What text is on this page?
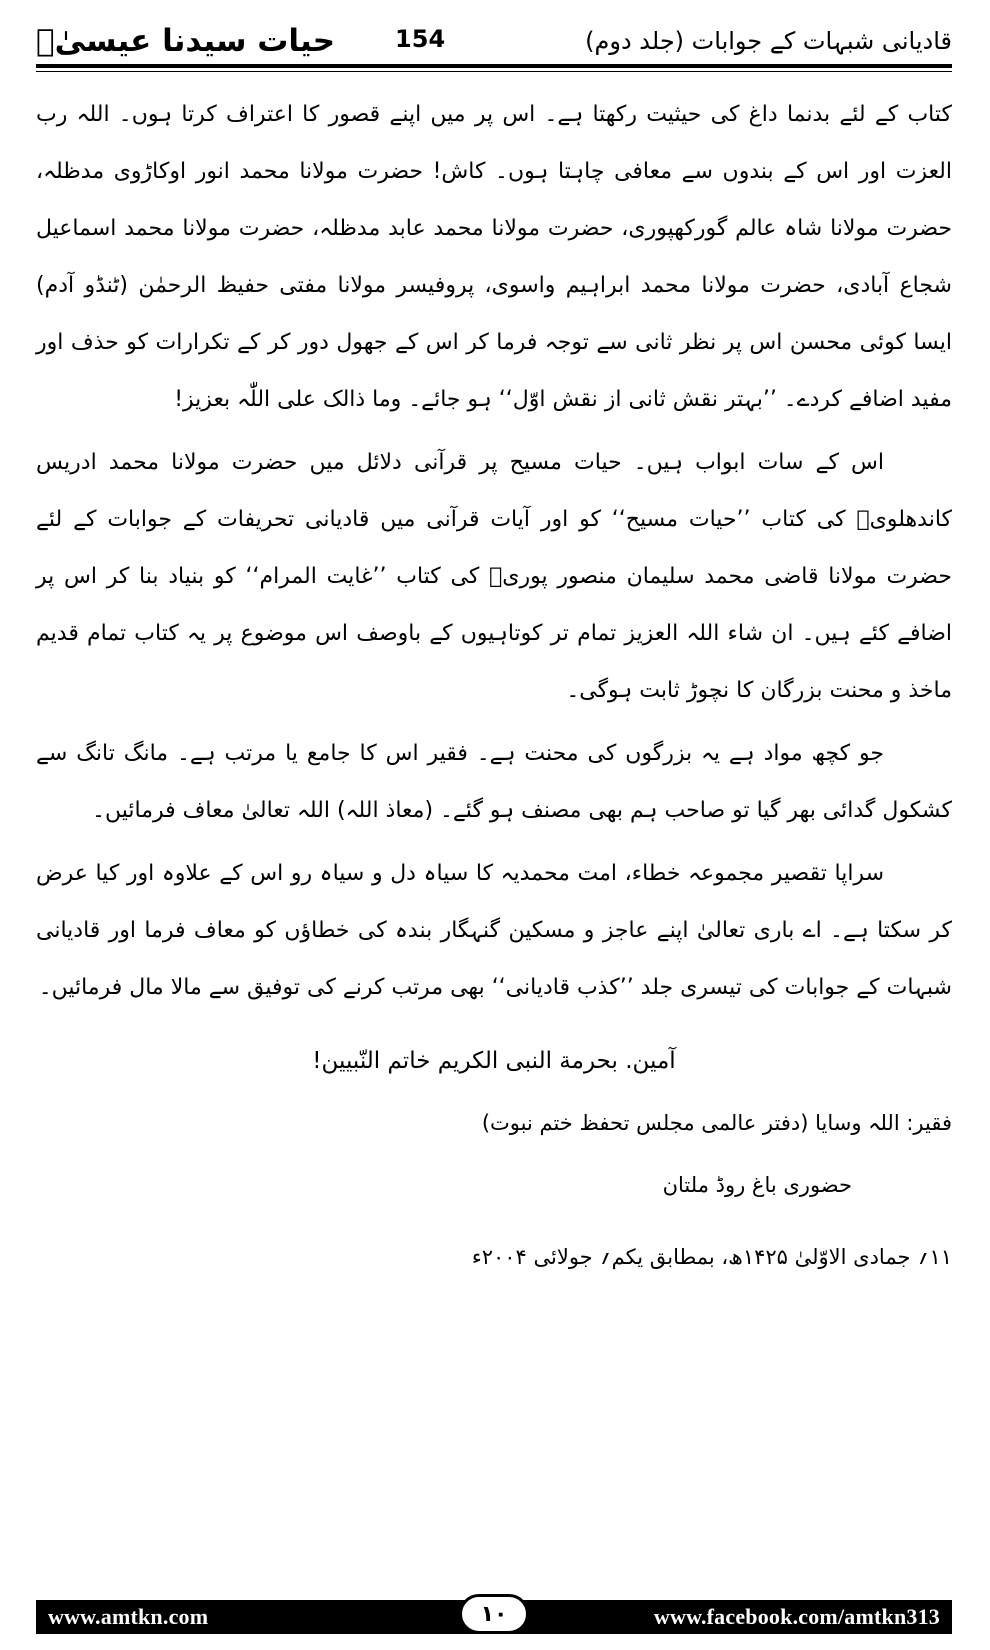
حیات سیدنا عیسیٰؑ	154	قادیانی شبہات کے جوابات (جلد دوم)

کتاب کے لئے بدنما داغ کی حیثیت رکھتا ہے۔ اس پر میں اپنے قصور کا اعتراف کرتا ہوں۔ اللہ رب العزت اور اس کے بندوں سے معافی چاہتا ہوں۔ کاش! حضرت مولانا محمد انور اوکاڑوی مدظلہ، حضرت مولانا شاہ عالم گورکھپوری، حضرت مولانا محمد عابد مدظلہ، حضرت مولانا محمد اسماعیل شجاع آبادی، حضرت مولانا محمد ابراہیم واسوی، پروفیسر مولانا مفتی حفیظ الرحمٰن (ٹنڈو آدم) ایسا کوئی محسن اس پر نظر ثانی سے توجہ فرما کر اس کے جھول دور کر کے تکرارات کو حذف اور مفید اضافے کردے۔ ’’بہتر نقش ثانی از نقش اوّل‘‘ ہو جائے۔ وما ذالک علی اللّٰہ بعزیز!

اس کے سات ابواب ہیں۔ حیات مسیح پر قرآنی دلائل میں حضرت مولانا محمد ادریس کاندھلویؒ کی کتاب ’’حیات مسیح‘‘ کو اور آیات قرآنی میں قادیانی تحریفات کے جوابات کے لئے حضرت مولانا قاضی محمد سلیمان منصور پوریؒ کی کتاب ’’غایت المرام‘‘ کو بنیاد بنا کر اس پر اضافے کئے ہیں۔ ان شاء اللہ العزیز تمام تر کوتاہیوں کے باوصف اس موضوع پر یہ کتاب تمام قدیم ماخذ و محنت بزرگان کا نچوڑ ثابت ہوگی۔

جو کچھ مواد ہے یہ بزرگوں کی محنت ہے۔ فقیر اس کا جامع یا مرتب ہے۔ مانگ تانگ سے کشکول گدائی بھر گیا تو صاحب ہم بھی مصنف ہو گئے۔ (معاذ اللہ) اللہ تعالیٰ معاف فرمائیں۔

سراپا تقصیر مجموعہ خطاء، امت محمدیہ کا سیاہ دل و سیاہ رو اس کے علاوہ اور کیا عرض کر سکتا ہے۔ اے باری تعالیٰ اپنے عاجز و مسکین گنہگار بندہ کی خطاؤں کو معاف فرما اور قادیانی شبہات کے جوابات کی تیسری جلد ’’کذب قادیانی‘‘ بھی مرتب کرنے کی توفیق سے مالا مال فرمائیں۔

آمین. بحرمة النبی الکریم خاتم النّبیین!

فقیر: اللہ وسایا (دفتر عالمی مجلس تحفظ ختم نبوت)

حضوری باغ روڈ ملتان

۱۱؍ جمادی الاوّلیٰ ۱۴۲۵ھ، بمطابق یکم؍ جولائی ۲۰۰۴ء

www.amtkn.com	۱۰	www.facebook.com/amtkn313
